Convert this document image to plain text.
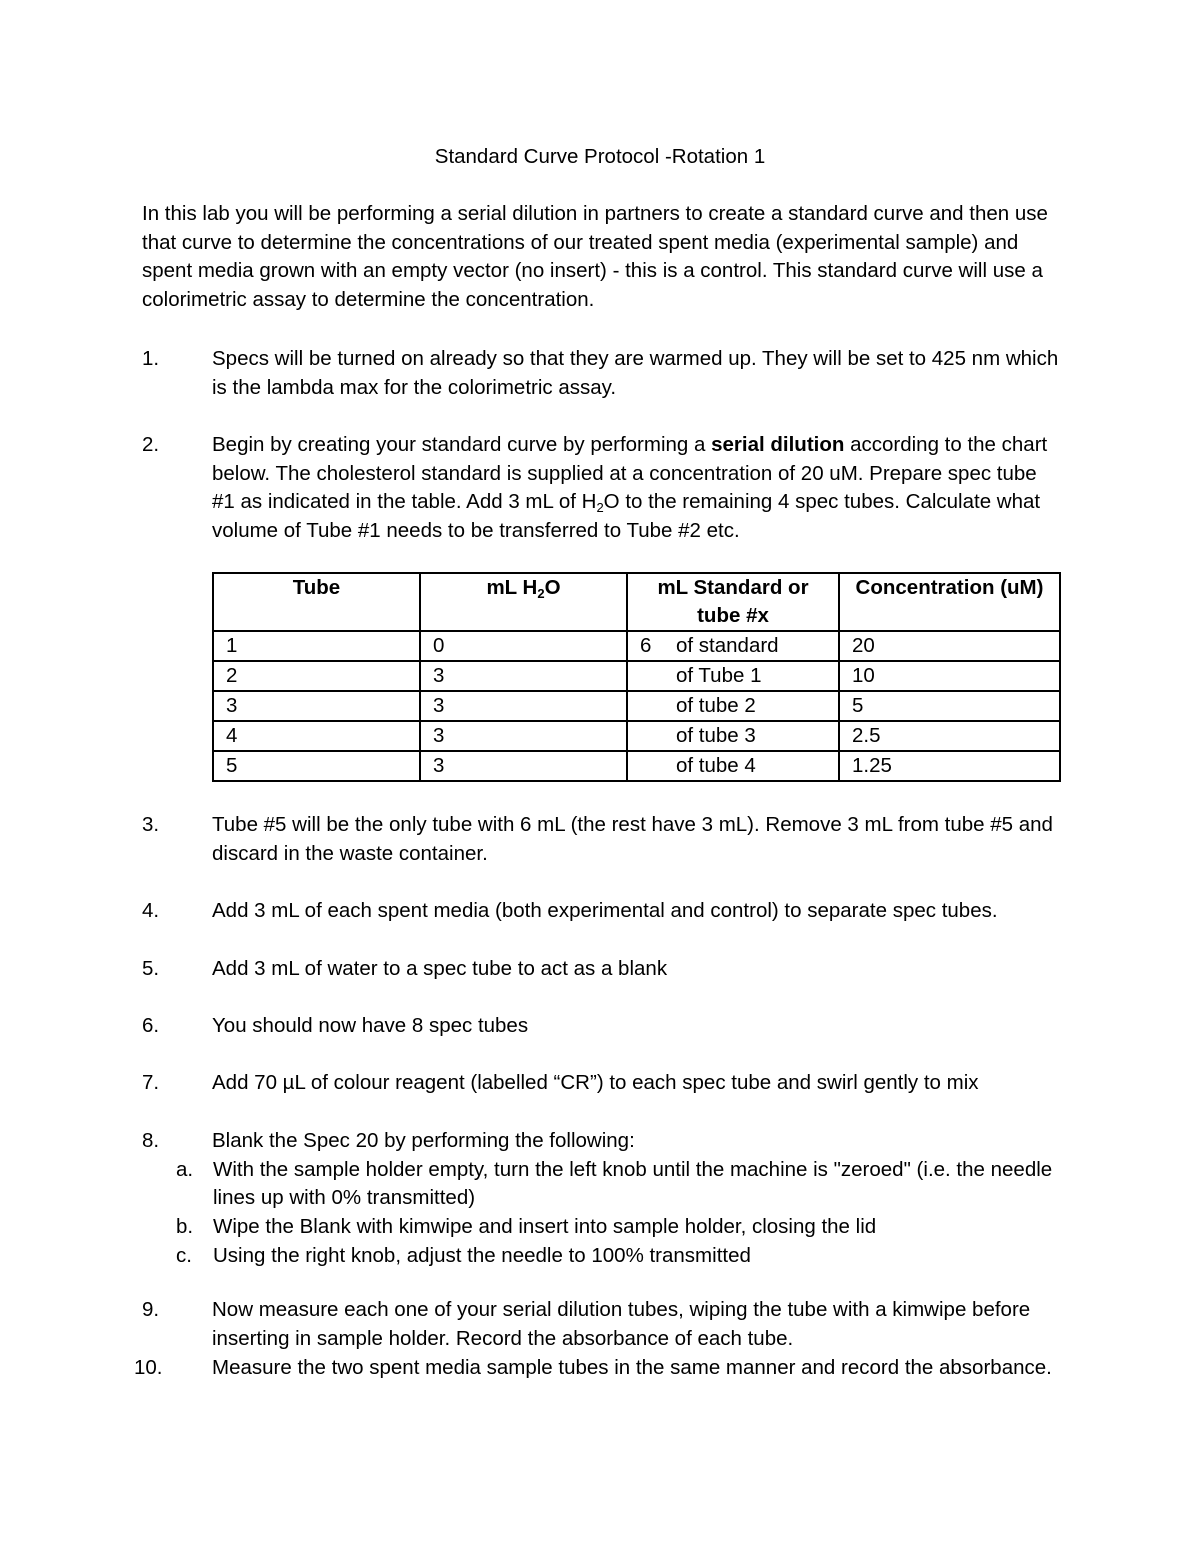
Standard Curve Protocol -Rotation 1

In this lab you will be performing a serial dilution in partners to create a standard curve and then use that curve to determine the concentrations of our treated spent media (experimental sample) and spent media grown with an empty vector (no insert) - this is a control. This standard curve will use a colorimetric assay to determine the concentration.

1.	Specs will be turned on already so that they are warmed up. They will be set to 425 nm which is the lambda max for the colorimetric assay.
2.	Begin by creating your standard curve by performing a serial dilution according to the chart below. The cholesterol standard is supplied at a concentration of 20 uM. Prepare spec tube #1 as indicated in the table. Add 3 mL of $H_2O$ to the remaining 4 spec tubes. Calculate what volume of Tube #1 needs to be transferred to Tube #2 etc.
Tube	mL $H_2O$	mL Standard or tube #x	Concentration (uM)
1	0	6 of standard	20
2	3	of Tube 1	10
3	3	of tube 2	5
4	3	of tube 3	2.5
5	3	of tube 4	1.25
3.	Tube #5 will be the only tube with 6 mL (the rest have 3 mL). Remove 3 mL from tube #5 and discard in the waste container.
4.	Add 3 mL of each spent media (both experimental and control) to separate spec tubes.
5.	Add 3 mL of water to a spec tube to act as a blank
6.	You should now have 8 spec tubes
7.	Add 70 µL of colour reagent (labelled “CR”) to each spec tube and swirl gently to mix
8.	Blank the Spec 20 by performing the following:
a. With the sample holder empty, turn the left knob until the machine is "zeroed" (i.e. the needle lines up with 0% transmitted)
b. Wipe the Blank with kimwipe and insert into sample holder, closing the lid
c. Using the right knob, adjust the needle to 100% transmitted
9.	Now measure each one of your serial dilution tubes, wiping the tube with a kimwipe before inserting in sample holder. Record the absorbance of each tube.
10.	Measure the two spent media sample tubes in the same manner and record the absorbance.
